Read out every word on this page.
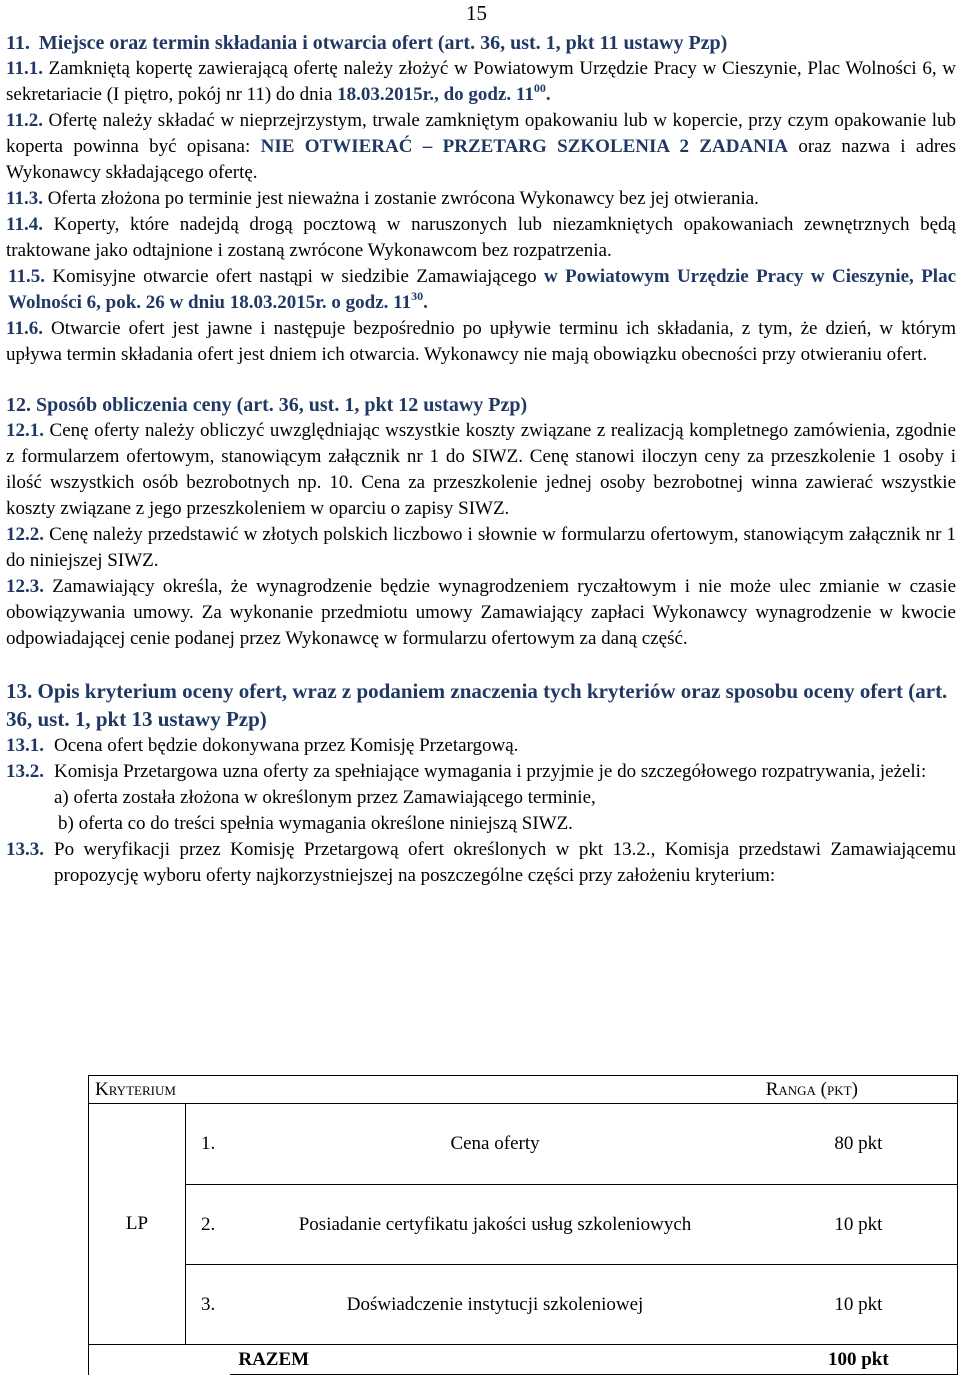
15
11. Miejsce oraz termin składania i otwarcia ofert (art. 36, ust. 1, pkt 11 ustawy Pzp)

11.1. Zamkniętą kopertę zawierającą ofertę należy złożyć w Powiatowym Urzędzie Pracy w Cieszynie, Plac Wolności 6, w sekretariacie (I piętro, pokój nr 11) do dnia 18.03.2015r., do godz. $11^{00}$.

11.2. Ofertę należy składać w nieprzejrzystym, trwale zamkniętym opakowaniu lub w kopercie, przy czym opakowanie lub koperta powinna być opisana: NIE OTWIERAĆ – PRZETARG SZKOLENIA 2 ZADANIA oraz nazwa i adres Wykonawcy składającego ofertę.

11.3. Oferta złożona po terminie jest nieważna i zostanie zwrócona Wykonawcy bez jej otwierania.

11.4. Koperty, które nadejdą drogą pocztową w naruszonych lub niezamkniętych opakowaniach zewnętrznych będą traktowane jako odtajnione i zostaną zwrócone Wykonawcom bez rozpatrzenia.

11.5. Komisyjne otwarcie ofert nastąpi w siedzibie Zamawiającego w Powiatowym Urzędzie Pracy w Cieszynie, Plac Wolności 6, pok. 26 w dniu 18.03.2015r. o godz. $11^{30}$.

11.6. Otwarcie ofert jest jawne i następuje bezpośrednio po upływie terminu ich składania, z tym, że dzień, w którym upływa termin składania ofert jest dniem ich otwarcia. Wykonawcy nie mają obowiązku obecności przy otwieraniu ofert.

12. Sposób obliczenia ceny (art. 36, ust. 1, pkt 12 ustawy Pzp)

12.1. Cenę oferty należy obliczyć uwzględniając wszystkie koszty związane z realizacją kompletnego zamówienia, zgodnie z formularzem ofertowym, stanowiącym załącznik nr 1 do SIWZ. Cenę stanowi iloczyn ceny za przeszkolenie 1 osoby i ilość wszystkich osób bezrobotnych np. 10. Cena za przeszkolenie jednej osoby bezrobotnej winna zawierać wszystkie koszty związane z jego przeszkoleniem w oparciu o zapisy SIWZ.

12.2. Cenę należy przedstawić w złotych polskich liczbowo i słownie w formularzu ofertowym, stanowiącym załącznik nr 1 do niniejszej SIWZ.

12.3. Zamawiający określa, że wynagrodzenie będzie wynagrodzeniem ryczałtowym i nie może ulec zmianie w czasie obowiązywania umowy. Za wykonanie przedmiotu umowy Zamawiający zapłaci Wykonawcy wynagrodzenie w kwocie odpowiadającej cenie podanej przez Wykonawcę w formularzu ofertowym za daną część.

13. Opis kryterium oceny ofert, wraz z podaniem znaczenia tych kryteriów oraz sposobu oceny ofert (art. 36, ust. 1, pkt 13 ustawy Pzp)
13.1. Ocena ofert będzie dokonywana przez Komisję Przetargową.
13.2. Komisja Przetargowa uzna oferty za spełniające wymagania i przyjmie je do szczegółowego rozpatrywania, jeżeli:
a) oferta została złożona w określonym przez Zamawiającego terminie,
b) oferta co do treści spełnia wymagania określone niniejszą SIWZ.
13.3. Po weryfikacji przez Komisję Przetargową ofert określonych w pkt 13.2., Komisja przedstawi Zamawiającemu propozycję wyboru oferty najkorzystniejszej na poszczególne części przy założeniu kryterium:
Kryterium			Ranga (pkt)
LP	1.	Cena oferty	80 pkt
	2.	Posiadanie certyfikatu jakości usług szkoleniowych	10 pkt
	3.	Doświadczenie instytucji szkoleniowej	10 pkt
		RAZEM	100 pkt
